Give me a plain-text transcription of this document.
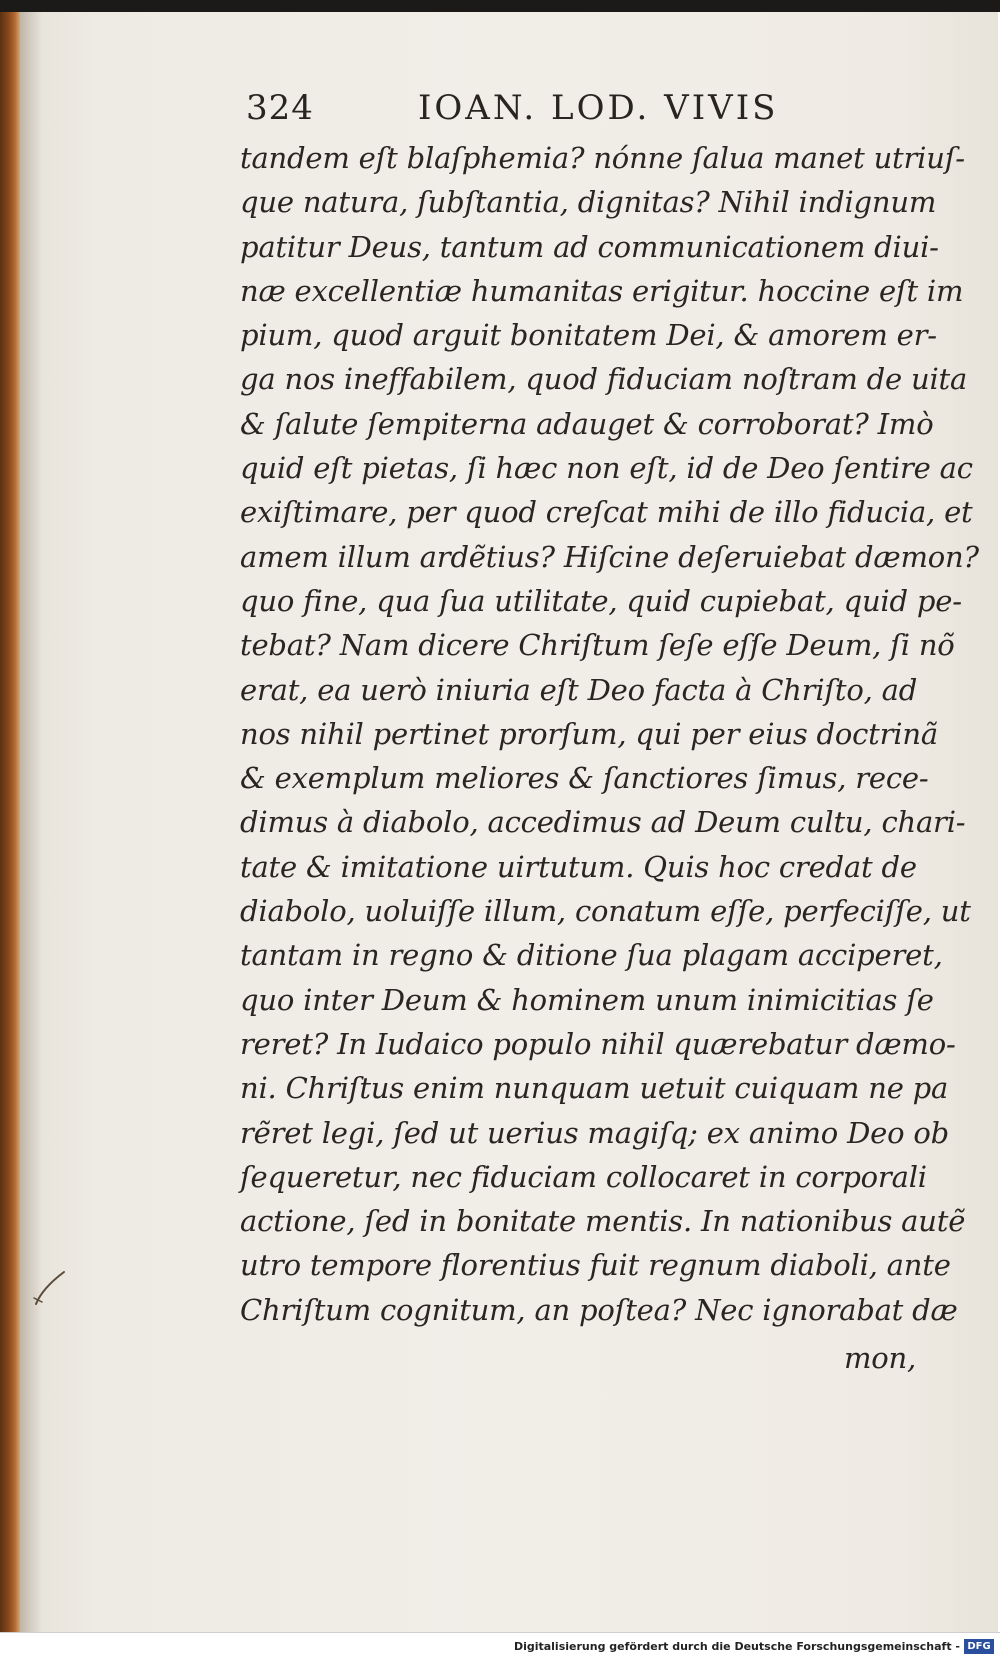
324	IOAN. LOD. VIVIS
tandem eſt blaſphemia? nónne ſalua manet utriuſ-
que natura, ſubſtantia, dignitas? Nihil indignum
patitur Deus, tantum ad communicationem diui-
næ excellentiæ humanitas erigitur. hoccine eſt im
pium, quod arguit bonitatem Dei, & amorem er-
ga nos ineffabilem, quod fiduciam noſtram de uita
& ſalute ſempiterna adauget & corroborat? Imò
quid eſt pietas, ſi hæc non eſt, id de Deo ſentire ac
exiſtimare, per quod creſcat mihi de illo fiducia, et
amem illum ardẽtius? Hiſcine deſeruiebat dæmon?
quo fine, qua ſua utilitate, quid cupiebat, quid pe-
tebat? Nam dicere Chriſtum ſeſe eſſe Deum, ſi nõ
erat, ea uerò iniuria eſt Deo facta à Chriſto, ad
nos nihil pertinet prorſum, qui per eius doctrinã
& exemplum meliores & ſanctiores ſimus, rece-
dimus à diabolo, accedimus ad Deum cultu, chari-
tate & imitatione uirtutum. Quis hoc credat de
diabolo, uoluiſſe illum, conatum eſſe, perfeciſſe, ut
tantam in regno & ditione ſua plagam acciperet,
quo inter Deum & hominem unum inimicitias ſe
reret? In Iudaico populo nihil quærebatur dæmo-
ni. Chriſtus enim nunquam uetuit cuiquam ne pa
rẽret legi, ſed ut uerius magiſq; ex animo Deo ob
ſequeretur, nec fiduciam collocaret in corporali
actione, ſed in bonitate mentis. In nationibus autẽ
utro tempore florentius fuit regnum diaboli, ante
Chriſtum cognitum, an poſtea? Nec ignorabat dæ
mon,
Digitalisierung gefördert durch die Deutsche Forschungsgemeinschaft - DFG
